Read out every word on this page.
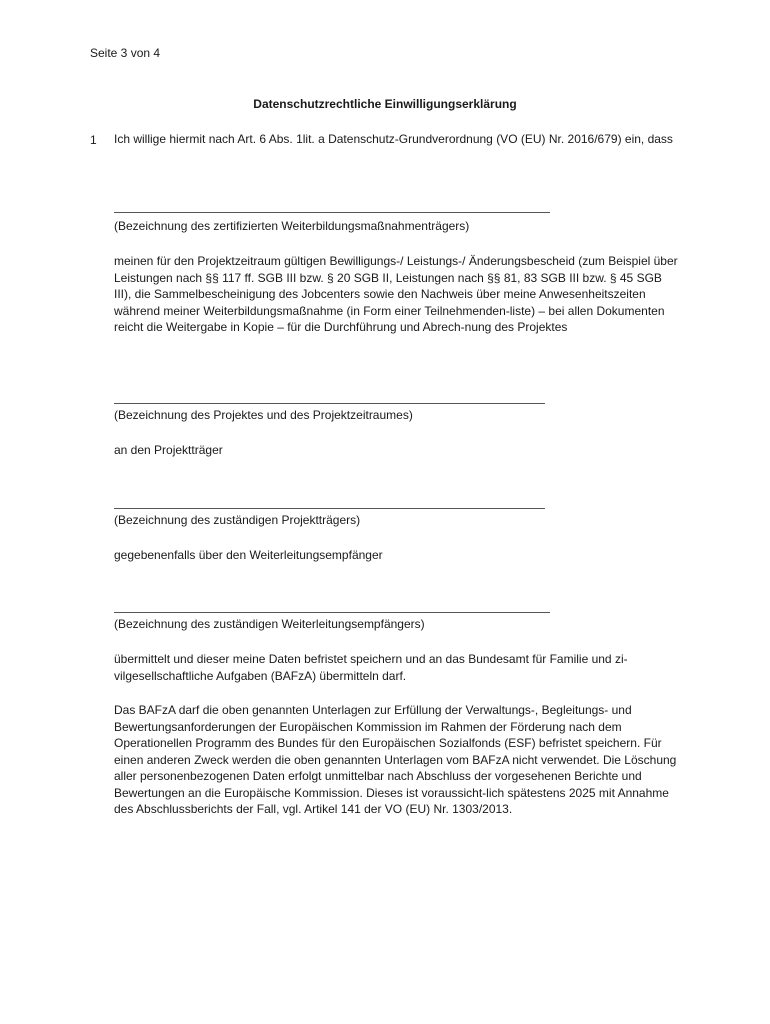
Seite 3 von 4
Datenschutzrechtliche Einwilligungserklärung
1 Ich willige hiermit nach Art. 6 Abs. 1lit. a Datenschutz-Grundverordnung (VO (EU) Nr. 2016/679) ein, dass
(Bezeichnung des zertifizierten Weiterbildungsmaßnahmenträgers)
meinen für den Projektzeitraum gültigen Bewilligungs-/ Leistungs-/ Änderungsbescheid (zum Beispiel über Leistungen nach §§ 117 ff. SGB III bzw. § 20 SGB II, Leistungen nach §§ 81, 83 SGB III bzw. § 45 SGB III), die Sammelbescheinigung des Jobcenters sowie den Nachweis über meine Anwesenheitszeiten während meiner Weiterbildungsmaßnahme (in Form einer Teilnehmenden-liste) – bei allen Dokumenten reicht die Weitergabe in Kopie – für die Durchführung und Abrech-nung des Projektes
(Bezeichnung des Projektes und des Projektzeitraumes)
an den Projektträger
(Bezeichnung des zuständigen Projektträgers)
gegebenenfalls über den Weiterleitungsempfänger
(Bezeichnung des zuständigen Weiterleitungsempfängers)
übermittelt und dieser meine Daten befristet speichern und an das Bundesamt für Familie und zi-vilgesellschaftliche Aufgaben (BAFzA) übermitteln darf.
Das BAFzA darf die oben genannten Unterlagen zur Erfüllung der Verwaltungs-, Begleitungs- und Bewertungsanforderungen der Europäischen Kommission im Rahmen der Förderung nach dem Operationellen Programm des Bundes für den Europäischen Sozialfonds (ESF) befristet speichern. Für einen anderen Zweck werden die oben genannten Unterlagen vom BAFzA nicht verwendet. Die Löschung aller personenbezogenen Daten erfolgt unmittelbar nach Abschluss der vorgesehenen Berichte und Bewertungen an die Europäische Kommission. Dieses ist voraussicht-lich spätestens 2025 mit Annahme des Abschlussberichts der Fall, vgl. Artikel 141 der VO (EU) Nr. 1303/2013.
